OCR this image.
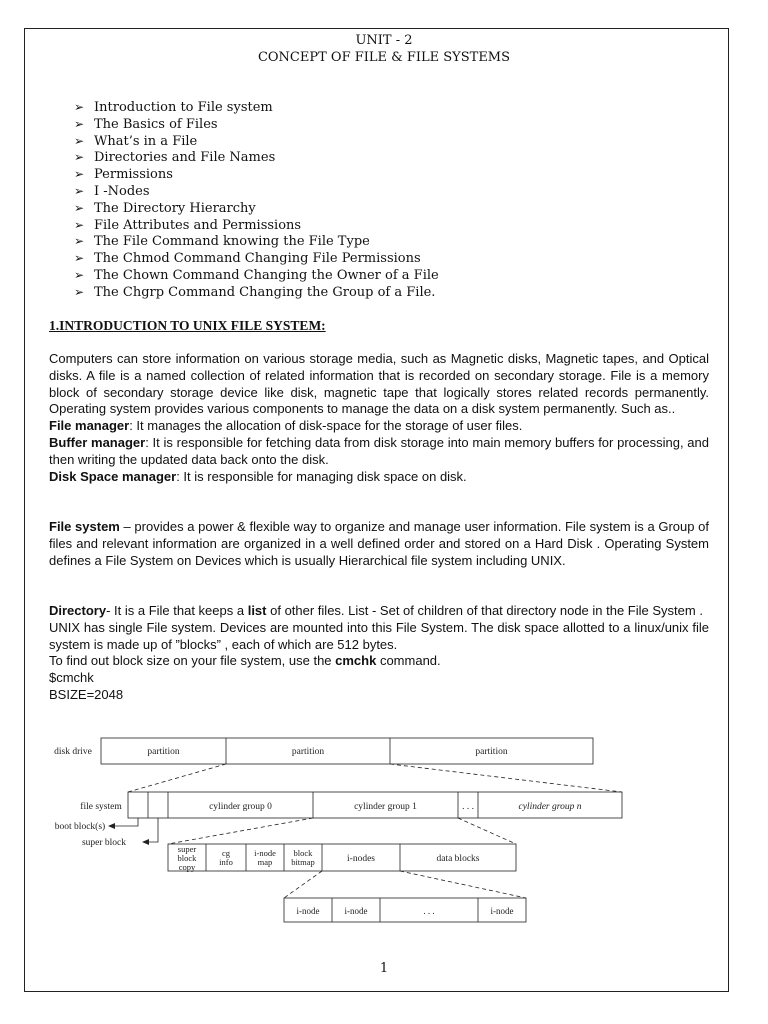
UNIT - 2
CONCEPT OF FILE & FILE SYSTEMS
➢ Introduction to File system
➢ The Basics of Files
➢ What’s in a File
➢ Directories and File Names
➢ Permissions
➢ I -Nodes
➢ The Directory Hierarchy
➢ File Attributes and Permissions
➢ The File Command knowing the File Type
➢ The Chmod Command Changing File Permissions
➢ The Chown Command Changing the Owner of a File
➢ The Chgrp Command Changing the Group of a File.
1.INTRODUCTION TO UNIX FILE SYSTEM:

Computers can store information on various storage media, such as Magnetic disks, Magnetic tapes, and Optical disks. A file is a named collection of related information that is recorded on secondary storage. File is a memory block of secondary storage device like disk, magnetic tape that logically stores related records permanently. Operating system provides various components to manage the data on a disk system permanently. Such as..

File manager: It manages the allocation of disk-space for the storage of user files.

Buffer manager: It is responsible for fetching data from disk storage into main memory buffers for processing, and then writing the updated data back onto the disk.

Disk Space manager: It is responsible for managing disk space on disk.

File system – provides a power & flexible way to organize and manage user information. File system is a Group of files and relevant information are organized in a well defined order and stored on a Hard Disk . Operating System defines a File System on Devices which is usually Hierarchical file system including UNIX.

Directory- It is a File that keeps a list of other files. List - Set of children of that directory node in the File System .

UNIX has single File system. Devices are mounted into this File System. The disk space allotted to a linux/unix file system is made up of ”blocks” , each of which are 512 bytes.

To find out block size on your file system, use the cmchk command.

$cmchk

BSIZE=2048

disk drive	partition	partition	partition
file system	cylinder group 0	cylinder group 1	. . .	cylinder group n
boot block(s)
super block
super
block
copy
cg
info
i-node
map
block
bitmap	i-nodes	data blocks
i-node	i-node	. . .	i-node
1
